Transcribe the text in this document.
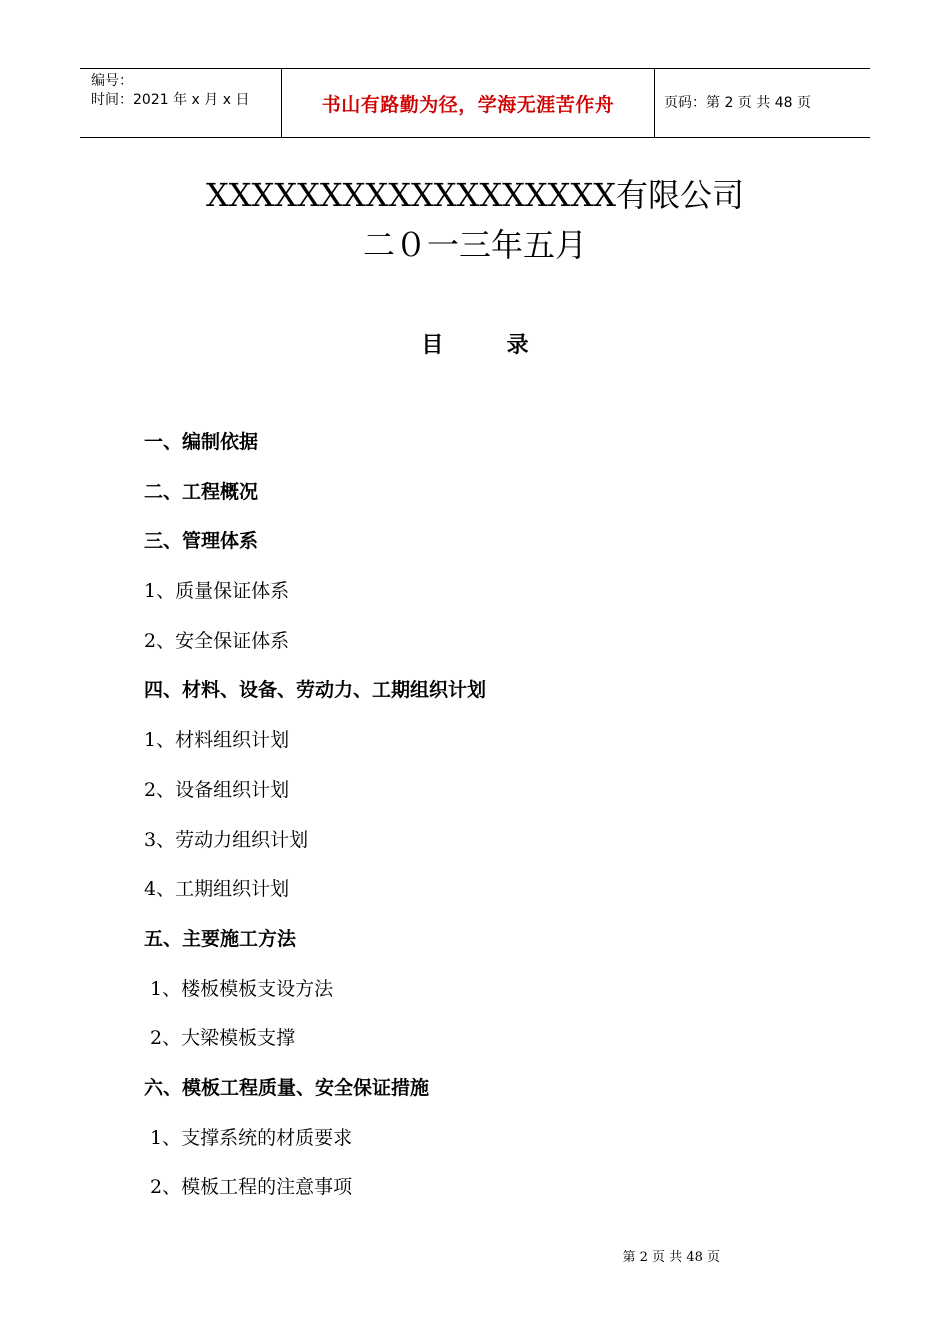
编号：
时间：2021 年 x 月 x 日	书山有路勤为径，学海无涯苦作舟	页码：第 2 页 共 48 页
XXXXXXXXXXXXXXXXXX有限公司
二０一三年五月
目	录
一、编制依据
二、工程概况
三、管理体系
1、质量保证体系
2、安全保证体系
四、材料、设备、劳动力、工期组织计划
1、材料组织计划
2、设备组织计划
3、劳动力组织计划
4、工期组织计划
五、主要施工方法
1、楼板模板支设方法
2、大梁模板支撑
六、模板工程质量、安全保证措施
1、支撑系统的材质要求
2、模板工程的注意事项
第 2 页 共 48 页
